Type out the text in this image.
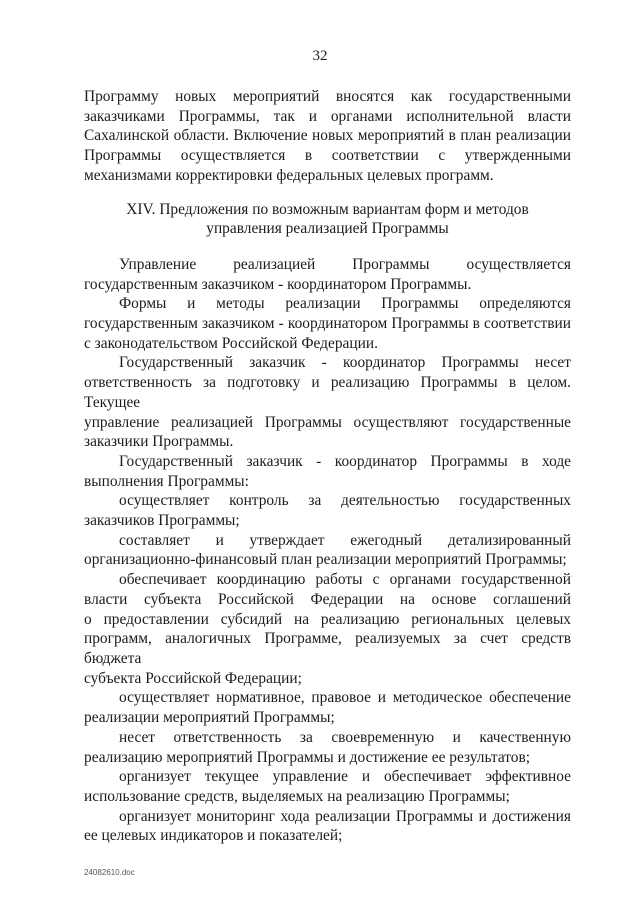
32
Программу новых мероприятий вносятся как государственными
заказчиками Программы, так и органами исполнительной власти
Сахалинской области. Включение новых мероприятий в план реализации
Программы осуществляется в соответствии с утвержденными
механизмами корректировки федеральных целевых программ.
XIV. Предложения по возможным вариантам форм и методов
управления реализацией Программы
Управление реализацией Программы осуществляется
государственным заказчиком - координатором Программы.
Формы и методы реализации Программы определяются
государственным заказчиком - координатором Программы в соответствии
с законодательством Российской Федерации.
Государственный заказчик - координатор Программы несет
ответственность за подготовку и реализацию Программы в целом. Текущее
управление реализацией Программы осуществляют государственные
заказчики Программы.
Государственный заказчик - координатор Программы в ходе
выполнения Программы:
осуществляет контроль за деятельностью государственных
заказчиков Программы;
составляет и утверждает ежегодный детализированный
организационно-финансовый план реализации мероприятий Программы;
обеспечивает координацию работы с органами государственной
власти субъекта Российской Федерации на основе соглашений
о предоставлении субсидий на реализацию региональных целевых
программ, аналогичных Программе, реализуемых за счет средств бюджета
субъекта Российской Федерации;
осуществляет нормативное, правовое и методическое обеспечение
реализации мероприятий Программы;
несет ответственность за своевременную и качественную
реализацию мероприятий Программы и достижение ее результатов;
организует текущее управление и обеспечивает эффективное
использование средств, выделяемых на реализацию Программы;
организует мониторинг хода реализации Программы и достижения
ее целевых индикаторов и показателей;
24082610.doc
